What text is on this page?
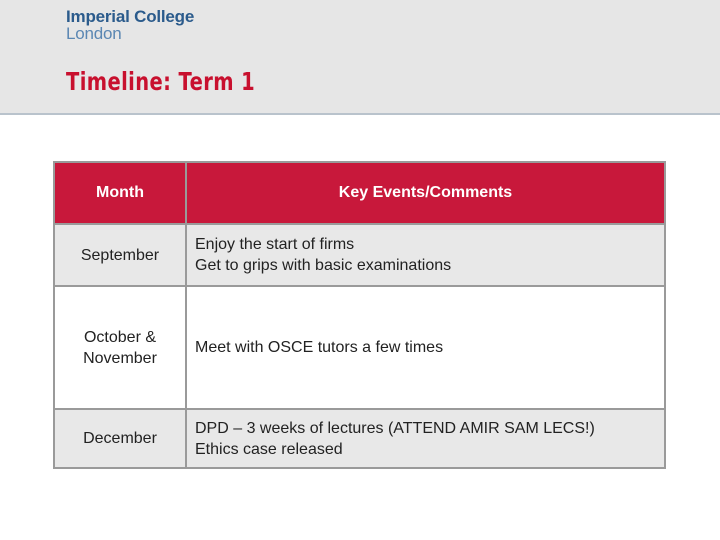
Imperial College
London
Timeline: Term 1
Month	Key Events/Comments

September	Enjoy the start of firms
Get to grips with basic examinations

October &
November	Meet with OSCE tutors a few times

December	DPD – 3 weeks of lectures (ATTEND AMIR SAM LECS!)
Ethics case released
